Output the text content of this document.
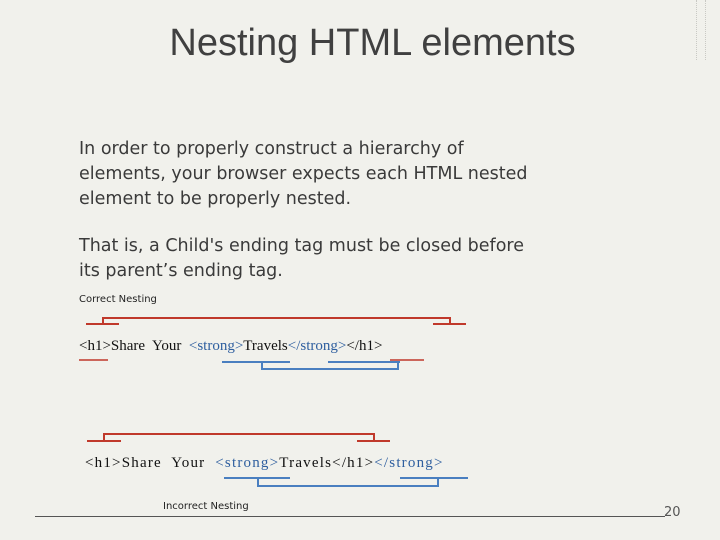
Nesting HTML elements

In order to properly construct a hierarchy of elements, your browser expects each HTML nested element to be properly nested.

That is, a Child's ending tag must be closed before its parent’s ending tag.

Correct Nesting
<h1>Share  Your  <strong>Travels</strong></h1>
<h1>Share  Your  <strong>Travels</h1></strong>
Incorrect Nesting	20
